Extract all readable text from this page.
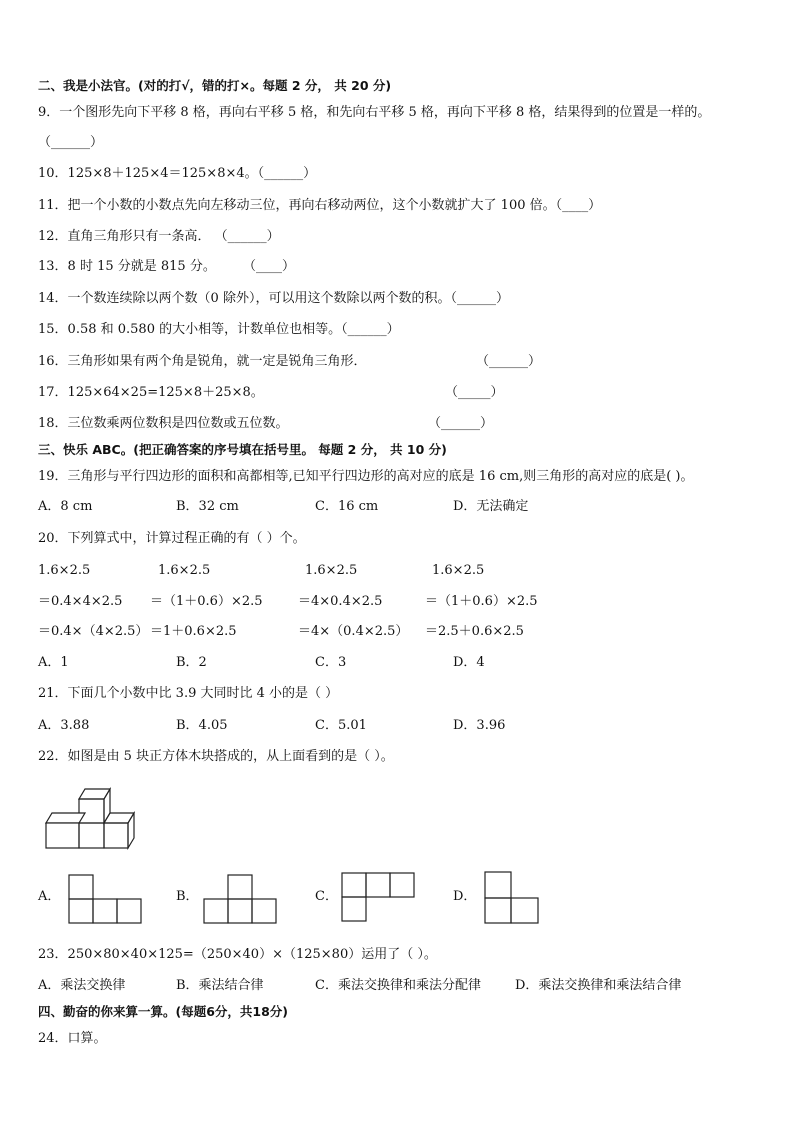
二、我是小法官。(对的打√，错的打×。每题 2 分， 共 20 分)
9．一个图形先向下平移 8 格，再向右平移 5 格，和先向右平移 5 格，再向下平移 8 格，结果得到的位置是一样的。
（______）
10．125×8＋125×4＝125×8×4。（______）
11．把一个小数的小数点先向左移动三位，再向右移动两位，这个小数就扩大了 100 倍。（____）
12．直角三角形只有一条高． （______）
13．8 时 15 分就是 815 分。 （____）
14．一个数连续除以两个数（0 除外），可以用这个数除以两个数的积。（______）
15．0.58 和 0.580 的大小相等，计数单位也相等。（______）
16．三角形如果有两个角是锐角，就一定是锐角三角形．	（______）
17．125×64×25=125×8＋25×8。	（_____）
18．三位数乘两位数积是四位数或五位数。	（______）
三、快乐 ABC。(把正确答案的序号填在括号里。 每题 2 分， 共 10 分)
19．三角形与平行四边形的面积和高都相等,已知平行四边形的高对应的底是 16 cm,则三角形的高对应的底是( )。
A．8 cm	B．32 cm	C．16 cm	D．无法确定
20．下列算式中，计算过程正确的有（ ）个。
1.6×2.5	1.6×2.5	1.6×2.5	1.6×2.5
＝0.4×4×2.5 ＝（1＋0.6）×2.5	＝4×0.4×2.5	＝（1＋0.6）×2.5
＝0.4×（4×2.5） ＝1＋0.6×2.5	＝4×（0.4×2.5） ＝2.5＋0.6×2.5
A．1	B．2	C．3	D．4
21．下面几个小数中比 3.9 大同时比 4 小的是（ ）
A．3.88	B．4.05	C．5.01	D．3.96
22．如图是由 5 块正方体木块搭成的，从上面看到的是（ ）。
A．	B．	C．	D．
23．250×80×40×125=（250×40）×（125×80）运用了（ ）。
A．乘法交换律	B．乘法结合律	C．乘法交换律和乘法分配律	D．乘法交换律和乘法结合律
四、勤奋的你来算一算。(每题6分，共18分)
24．口算。
